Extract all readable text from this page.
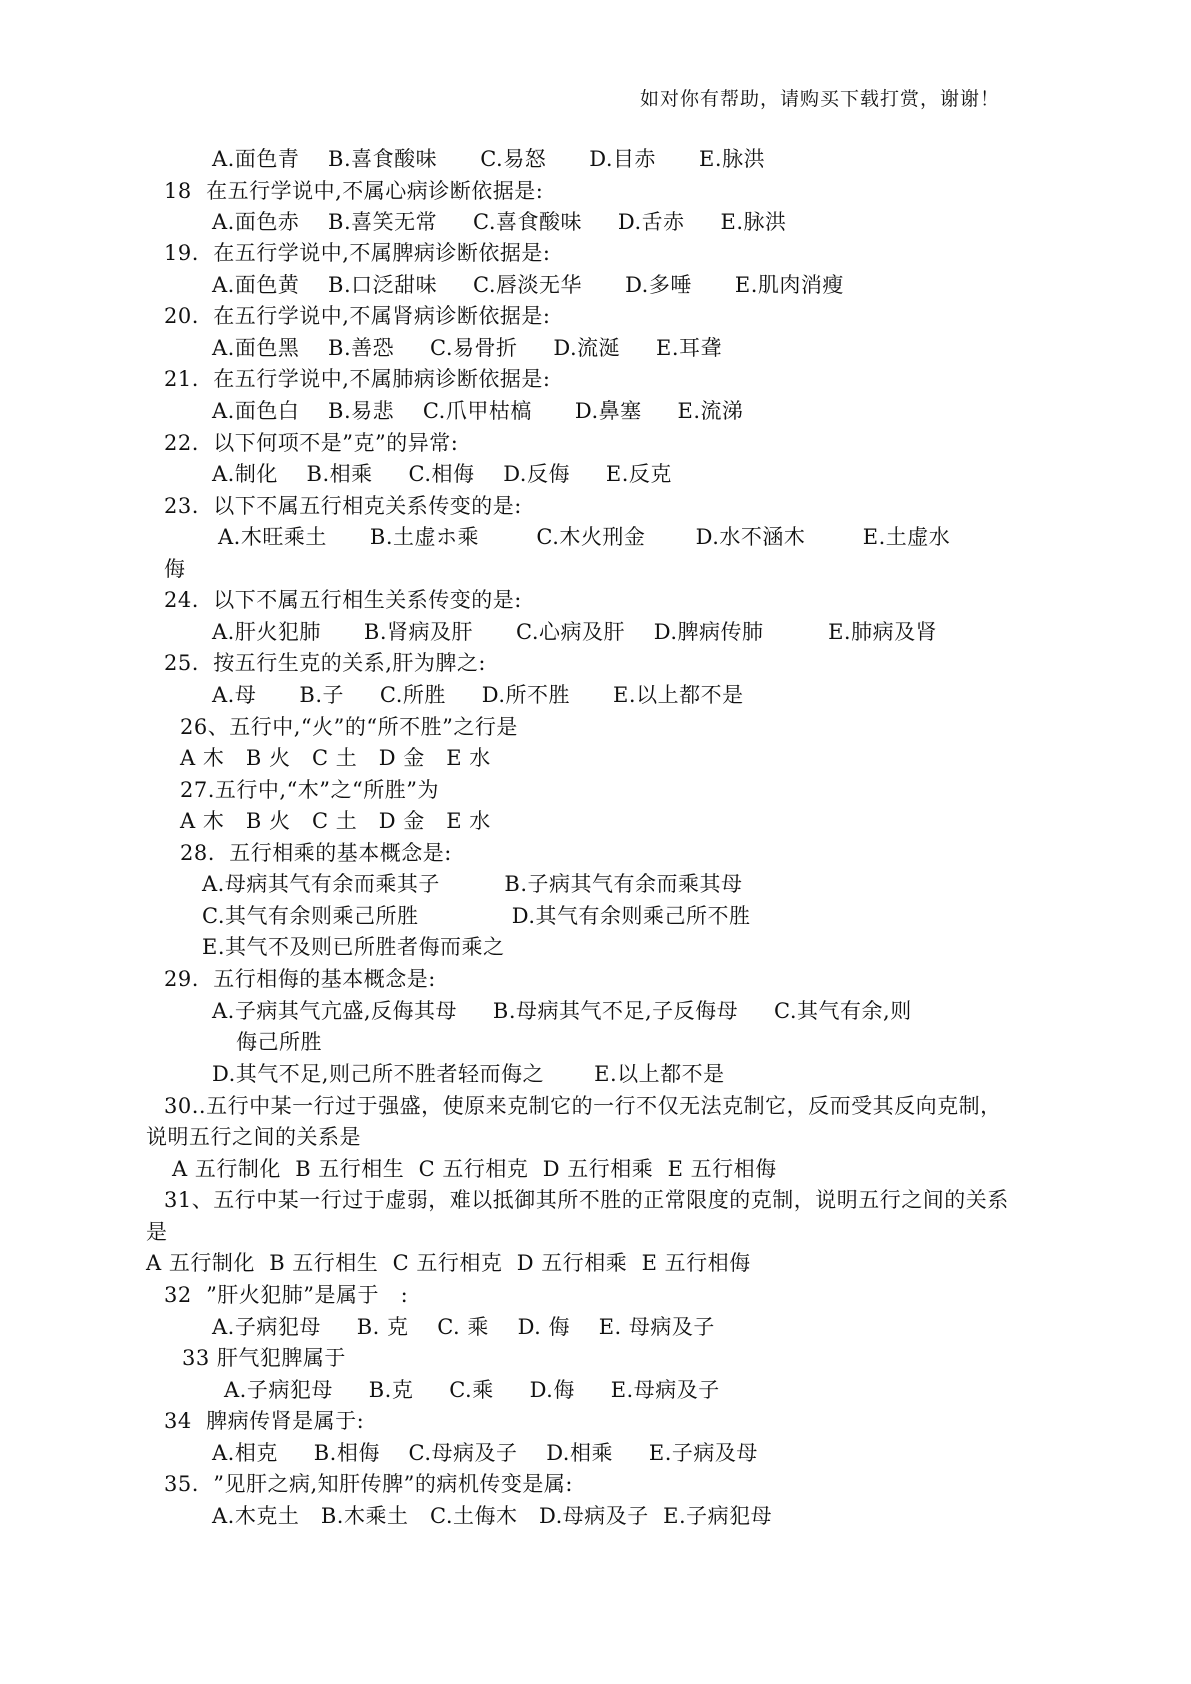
如对你有帮助，请购买下载打赏，谢谢！
A.面色青    B.喜食酸味      C.易怒      D.目赤      E.脉洪
18  在五行学说中,不属心病诊断依据是:
A.面色赤    B.喜笑无常     C.喜食酸味     D.舌赤     E.脉洪
19.  在五行学说中,不属脾病诊断依据是:
A.面色黄    B.口泛甜味     C.唇淡无华      D.多唾      E.肌肉消瘦
20.  在五行学说中,不属肾病诊断依据是:
A.面色黑    B.善恐     C.易骨折     D.流涎     E.耳聋
21.  在五行学说中,不属肺病诊断依据是:
A.面色白    B.易悲    C.爪甲枯槁      D.鼻塞     E.流涕
22.  以下何项不是”克”的异常:
A.制化    B.相乘     C.相侮    D.反侮     E.反克
23.  以下不属五行相克关系传变的是:
A.木旺乘土      B.土虚ホ乘        C.木火刑金       D.水不涵木        E.土虚水
侮
24.  以下不属五行相生关系传变的是:
A.肝火犯肺      B.肾病及肝      C.心病及肝    D.脾病传肺         E.肺病及肾
25.  按五行生克的关系,肝为脾之:
A.母      B.子     C.所胜     D.所不胜      E.以上都不是
26、五行中,“火”的“所不胜”之行是
A 木   B 火   C 土   D 金   E 水
27.五行中,“木”之“所胜”为
A 木   B 火   C 土   D 金   E 水
28.  五行相乘的基本概念是:
A.母病其气有余而乘其子         B.子病其气有余而乘其母
C.其气有余则乘己所胜             D.其气有余则乘己所不胜
E.其气不及则已所胜者侮而乘之
29.  五行相侮的基本概念是:
A.子病其气亢盛,反侮其母     B.母病其气不足,子反侮母     C.其气有余,则
侮己所胜
D.其气不足,则己所不胜者轻而侮之       E.以上都不是
30..五行中某一行过于强盛，使原来克制它的一行不仅无法克制它，反而受其反向克制，
说明五行之间的关系是
A 五行制化  B 五行相生  C 五行相克  D 五行相乘  E 五行相侮
31、五行中某一行过于虚弱，难以抵御其所不胜的正常限度的克制，说明五行之间的关系
是
A 五行制化  B 五行相生  C 五行相克  D 五行相乘  E 五行相侮
32  ”肝火犯肺”是属于   :
A.子病犯母     B. 克    C. 乘    D. 侮    E. 母病及子
33 肝气犯脾属于
A.子病犯母     B.克     C.乘     D.侮     E.母病及子
34  脾病传肾是属于:
A.相克     B.相侮    C.母病及子    D.相乘     E.子病及母
35.  ”见肝之病,知肝传脾”的病机传变是属:
A.木克土   B.木乘土   C.土侮木   D.母病及子  E.子病犯母
